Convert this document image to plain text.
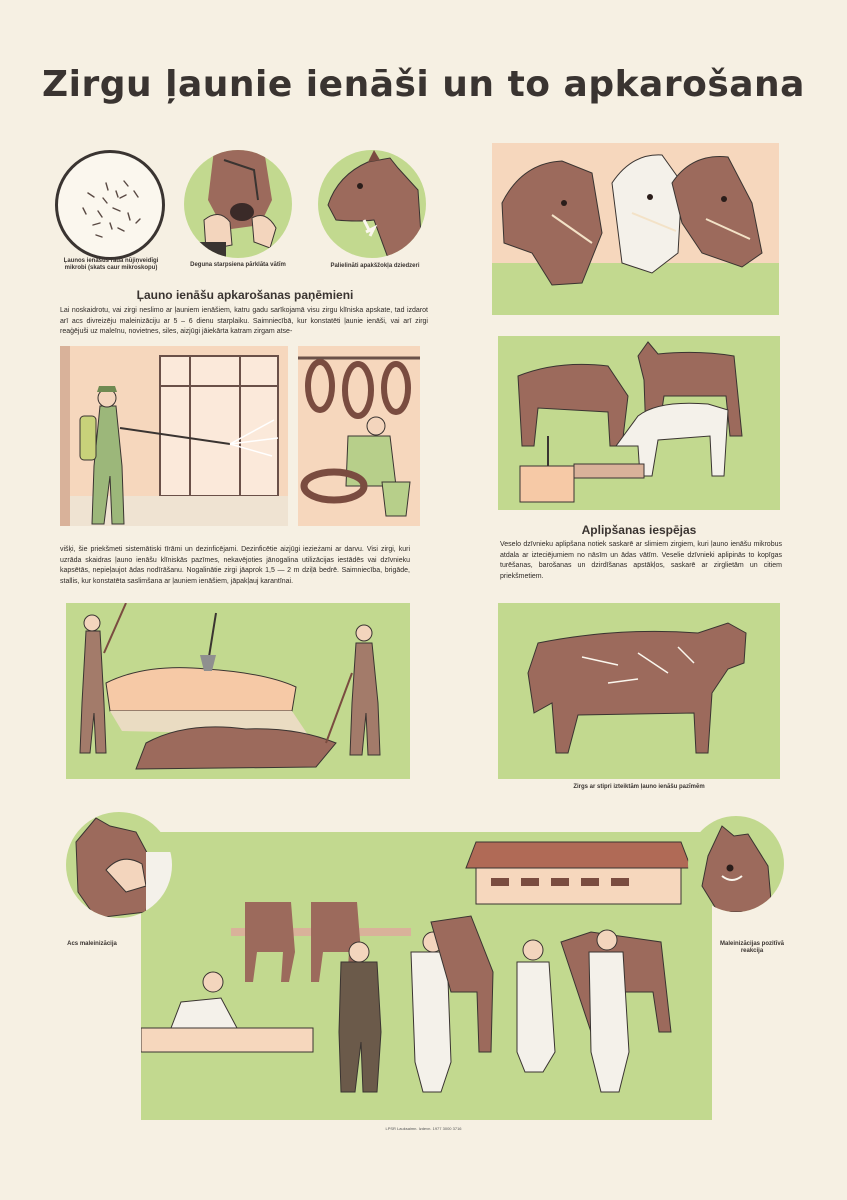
Zirgu ļaunie ienāši un to apkarošana
Ļaunos ienāšus rada nūjiņveidīgi mikrobi (skats caur mikroskopu)	Deguna starpsiena pārklāta vātīm	Palielināti apakšžokļa dziedzeri
Ļauno ienāšu apkarošanas paņēmieni
Lai noskaidrotu, vai zirgi neslimo ar ļauniem ienāšiem, katru gadu sarīkojamā visu zirgu klīniska apskate, tad izdarot arī acs divreizēju maleinizāciju ar 5 – 6 dienu starplaiku. Saimniecībā, kur konstatēti ļaunie ienāši, vai arī zirgi reaģējuši uz maleīnu, novietnes, siles, aizjūgi jāiekārta katram zirgam atse-
višķi, šie priekšmeti sistemātiski tīrāmi un dezinficējami. Dezinficētie aizjūgi iezieżami ar darvu. Visi zirgi, kuri uzrāda skaidras ļauno ienāšu klīniskās pazīmes, nekavējoties jānogalina utilizācijas iestādēs vai dzīvnieku kapsētās, nepieļaujot ādas nodīrāšanu. Nogalinātie zirgi jāaprok 1,5 — 2 m dziļā bedrē. Saimniecība, brigāde, stallis, kur konstatēta saslimšana ar ļauniem ienāšiem, jāpakļauj karantīnai.
Aplipšanas iespējas
Veselo dzīvnieku aplipšana notiek saskarē ar slimiem zirgiem, kuri ļauno ienāšu mikrobus atdala ar izteciējumiem no nāsīm un ādas vātīm. Veselie dzīvnieki aplipinās to kopīgas turēšanas, barošanas un dzirdīšanas apstākļos, saskarē ar zirglietām un citiem priekšmetiem.
Zirgs ar stipri izteiktām ļauno ienāšu pazīmēm
Acs maleinizācija	Maleinizācijas pozitīvā reakcija
LPSR Lauksaimn. Izdevn. 1977 3000 3716
